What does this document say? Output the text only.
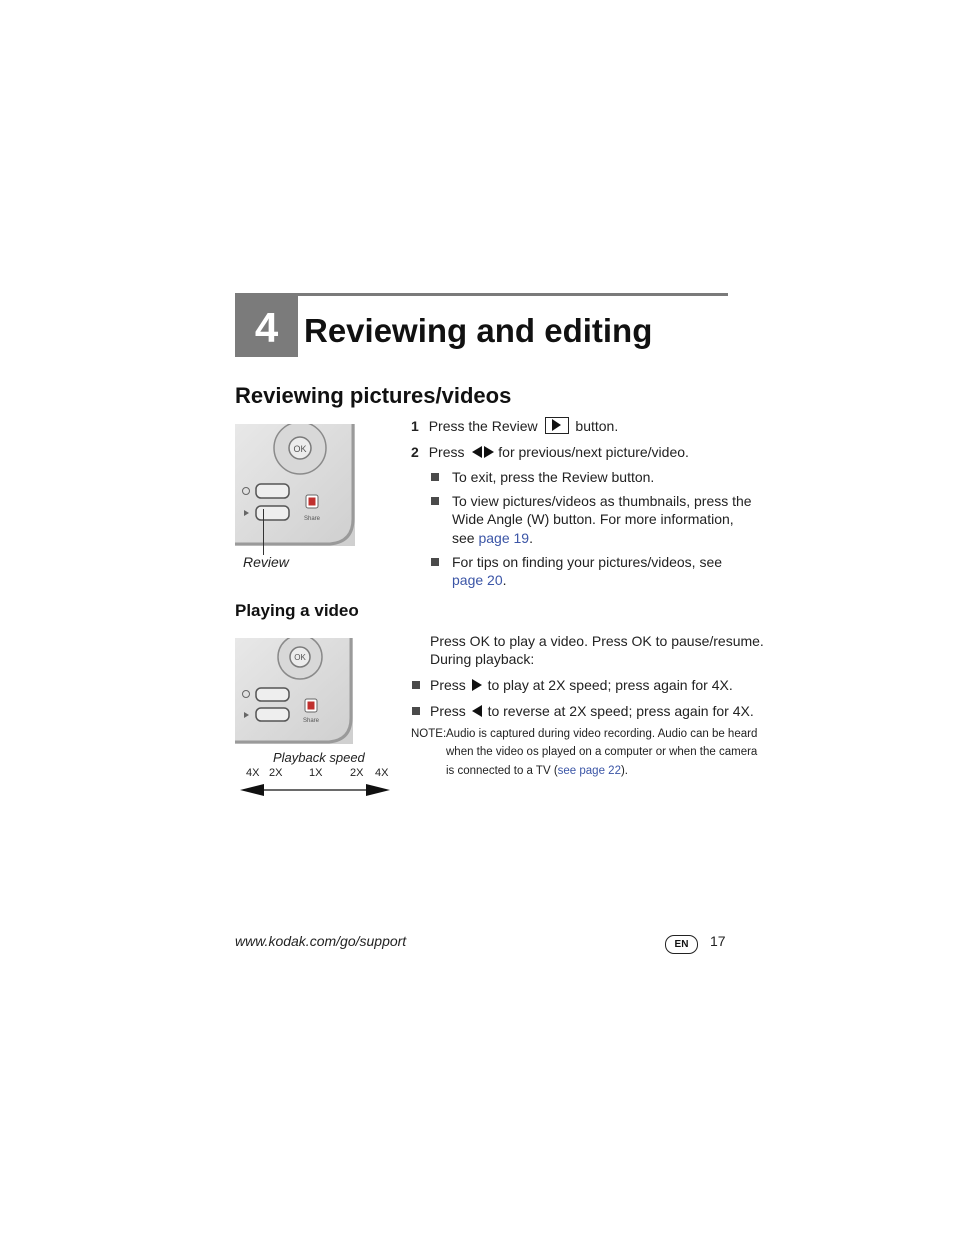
4 Reviewing and editing
Reviewing pictures/videos
OK
Share
Review
1 Press the Review	button.
2 Press for previous/next picture/video.
To exit, press the Review button.
To view pictures/videos as thumbnails, press the
Wide Angle (W) button. For more information,
see page 19.
For tips on finding your pictures/videos, see
page 20.
Playing a video
OK
Share
Playback speed
4X 2X 1X	2X 4X
Press OK to play a video. Press OK to pause/resume.
During playback:
Press to play at 2X speed; press again for 4X.
Press to reverse at 2X speed; press again for 4X.
NOTE: Audio is captured during video recording. Audio can be heard
when the video os played on a computer or when the camera
is connected to a TV (see page 22).
www.kodak.com/go/support	EN	17
